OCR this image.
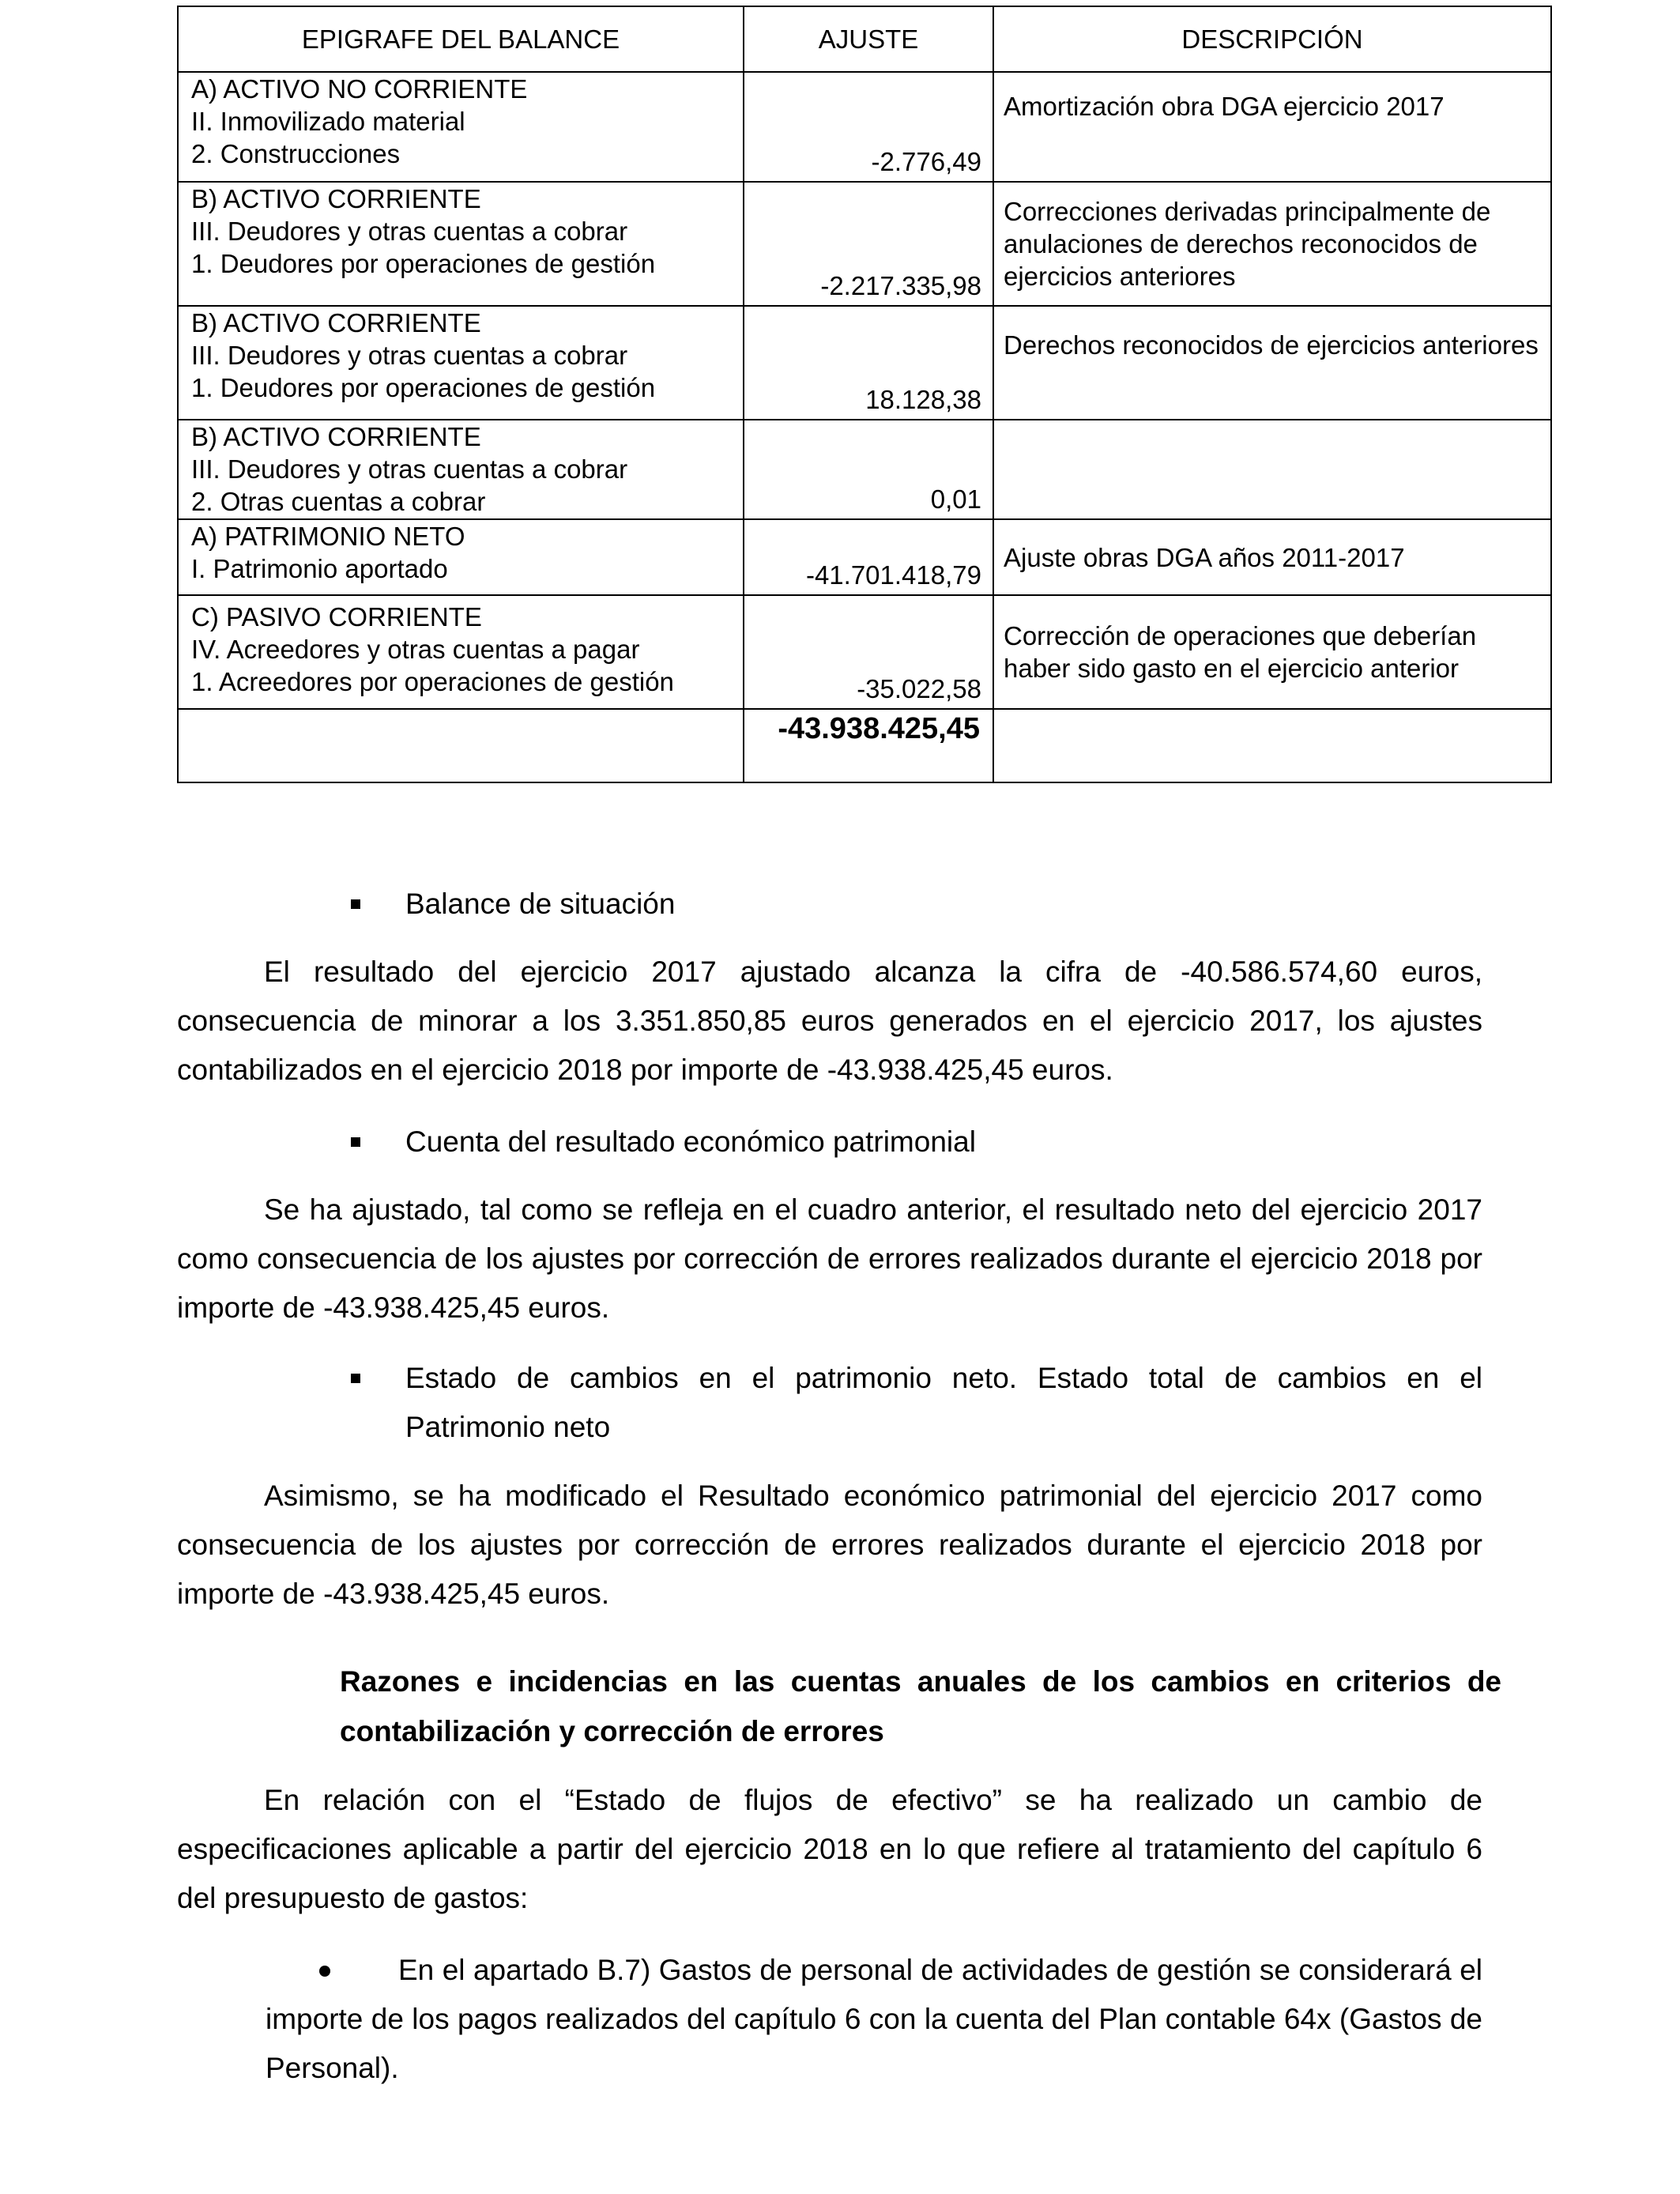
EPIGRAFE DEL BALANCE	AJUSTE	DESCRIPCIÓN

A) ACTIVO NO CORRIENTE
II. Inmovilizado material
2. Construcciones	-2.776,49	Amortización obra DGA ejercicio 2017

B) ACTIVO CORRIENTE
III. Deudores y otras cuentas a cobrar
1. Deudores por operaciones de gestión	-2.217.335,98	Correcciones derivadas principalmente de anulaciones de derechos reconocidos de ejercicios anteriores

B) ACTIVO CORRIENTE
III. Deudores y otras cuentas a cobrar
1. Deudores por operaciones de gestión	18.128,38	Derechos reconocidos de ejercicios anteriores

B) ACTIVO CORRIENTE
III. Deudores y otras cuentas a cobrar
2. Otras cuentas a cobrar	0,01	

A) PATRIMONIO NETO
I. Patrimonio aportado	-41.701.418,79	Ajuste obras DGA años 2011-2017

C) PASIVO CORRIENTE
IV. Acreedores y otras cuentas a pagar
1. Acreedores por operaciones de gestión	-35.022,58	Corrección de operaciones que deberían haber sido gasto en el ejercicio anterior
	-43.938.425,45	
Balance de situación
El resultado del ejercicio 2017 ajustado alcanza la cifra de -40.586.574,60 euros, consecuencia de minorar a los 3.351.850,85 euros generados en el ejercicio 2017, los ajustes contabilizados en el ejercicio 2018 por importe de -43.938.425,45 euros.
Cuenta del resultado económico patrimonial
Se ha ajustado, tal como se refleja en el cuadro anterior, el resultado neto del ejercicio 2017 como consecuencia de los ajustes por corrección de errores realizados durante el ejercicio 2018 por importe de -43.938.425,45 euros.
Estado de cambios en el patrimonio neto. Estado total de cambios en el Patrimonio neto
Asimismo, se ha modificado el Resultado económico patrimonial del ejercicio 2017 como consecuencia de los ajustes por corrección de errores realizados durante el ejercicio 2018 por importe de -43.938.425,45 euros.
Razones e incidencias en las cuentas anuales de los cambios en criterios de contabilización y corrección de errores
En relación con el “Estado de flujos de efectivo” se ha realizado un cambio de especificaciones aplicable a partir del ejercicio 2018 en lo que refiere al tratamiento del capítulo 6 del presupuesto de gastos:
En el apartado B.7) Gastos de personal de actividades de gestión se considerará el importe de los pagos realizados del capítulo 6 con la cuenta del Plan contable 64x (Gastos de Personal).
